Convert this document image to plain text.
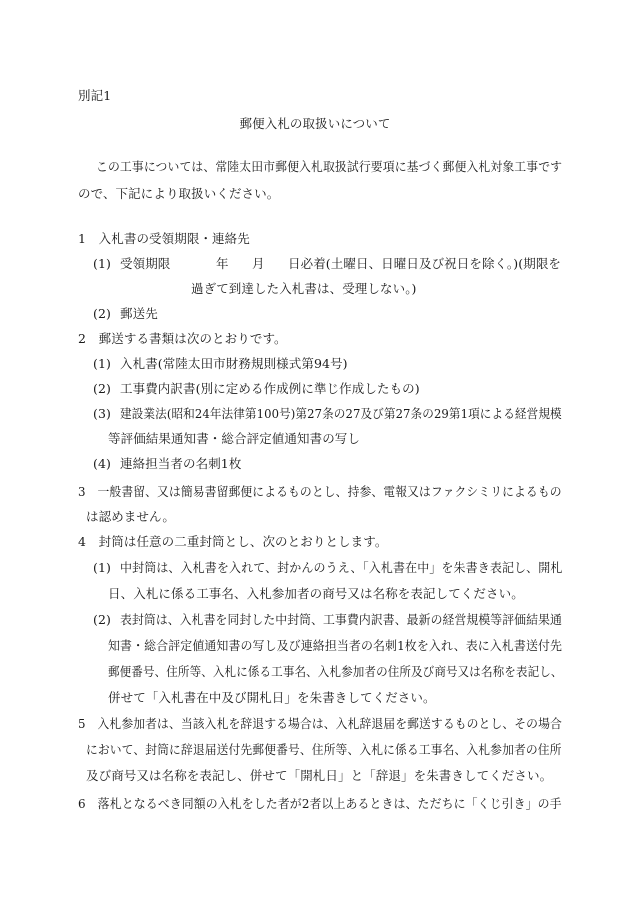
別記1
郵便入札の取扱いについて
この工事については、常陸太田市郵便入札取扱試行要項に基づく郵便入札対象工事です
ので、下記により取扱いください。
1　入札書の受領期限・連絡先
(1) 受領期限	年 月 日必着(土曜日、日曜日及び祝日を除く。)(期限を
過ぎて到達した入札書は、受理しない。)
(2) 郵送先
2　郵送する書類は次のとおりです。
(1) 入札書(常陸太田市財務規則様式第94号)
(2) 工事費内訳書(別に定める作成例に準じ作成したもの)
(3) 建設業法(昭和24年法律第100号)第27条の27及び第27条の29第1項による経営規模
等評価結果通知書・総合評定値通知書の写し
(4) 連絡担当者の名刺1枚
3　一般書留、又は簡易書留郵便によるものとし、持参、電報又はファクシミリによるもの
は認めません。
4　封筒は任意の二重封筒とし、次のとおりとします。
(1) 中封筒は、入札書を入れて、封かんのうえ、「入札書在中」を朱書き表記し、開札
日、入札に係る工事名、入札参加者の商号又は名称を表記してください。
(2) 表封筒は、入札書を同封した中封筒、工事費内訳書、最新の経営規模等評価結果通
知書・総合評定値通知書の写し及び連絡担当者の名刺1枚を入れ、表に入札書送付先
郵便番号、住所等、入札に係る工事名、入札参加者の住所及び商号又は名称を表記し、
併せて「入札書在中及び開札日」を朱書きしてください。
5　入札参加者は、当該入札を辞退する場合は、入札辞退届を郵送するものとし、その場合
において、封筒に辞退届送付先郵便番号、住所等、入札に係る工事名、入札参加者の住所
及び商号又は名称を表記し、併せて「開札日」と「辞退」を朱書きしてください。
6　落札となるべき同額の入札をした者が2者以上あるときは、ただちに「くじ引き」の手
